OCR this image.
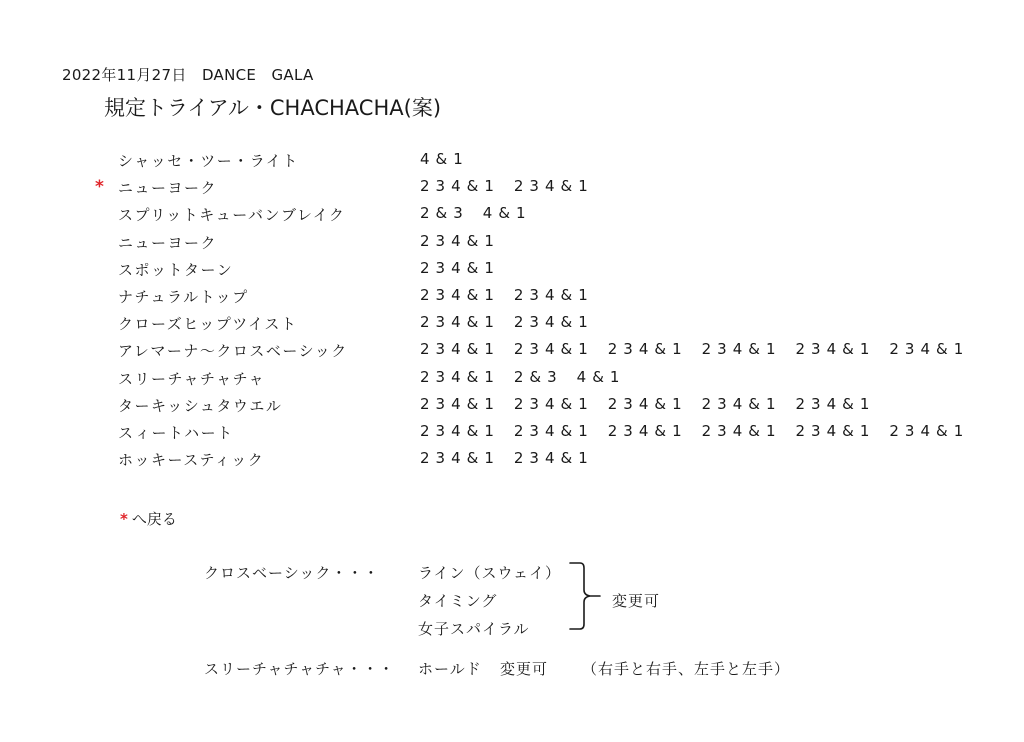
2022年11月27日　DANCE　GALA
規定トライアル・CHACHACHA(案)
シャッセ・ツー・ライト	4&1
* ニューヨーク	234&1 234&1
スプリットキューバンブレイク	2&3 4&1
ニューヨーク	234&1
スポットターン	234&1
ナチュラルトップ	234&1 234&1
クローズヒップツイスト	234&1 234&1
アレマーナ〜クロスベーシック	234&1 234&1 234&1 234&1 234&1 234&1
スリーチャチャチャ	234&1 2&3 4&1
ターキッシュタウエル	234&1 234&1 234&1 234&1 234&1
スィートハート	234&1 234&1 234&1 234&1 234&1 234&1
ホッキースティック	234&1 234&1
* へ戻る
クロスベーシック・・・	ライン（スウェイ）
タイミング
女子スパイラル
変更可
スリーチャチャチャ・・・ ホールド 変更可 （右手と右手、左手と左手）
